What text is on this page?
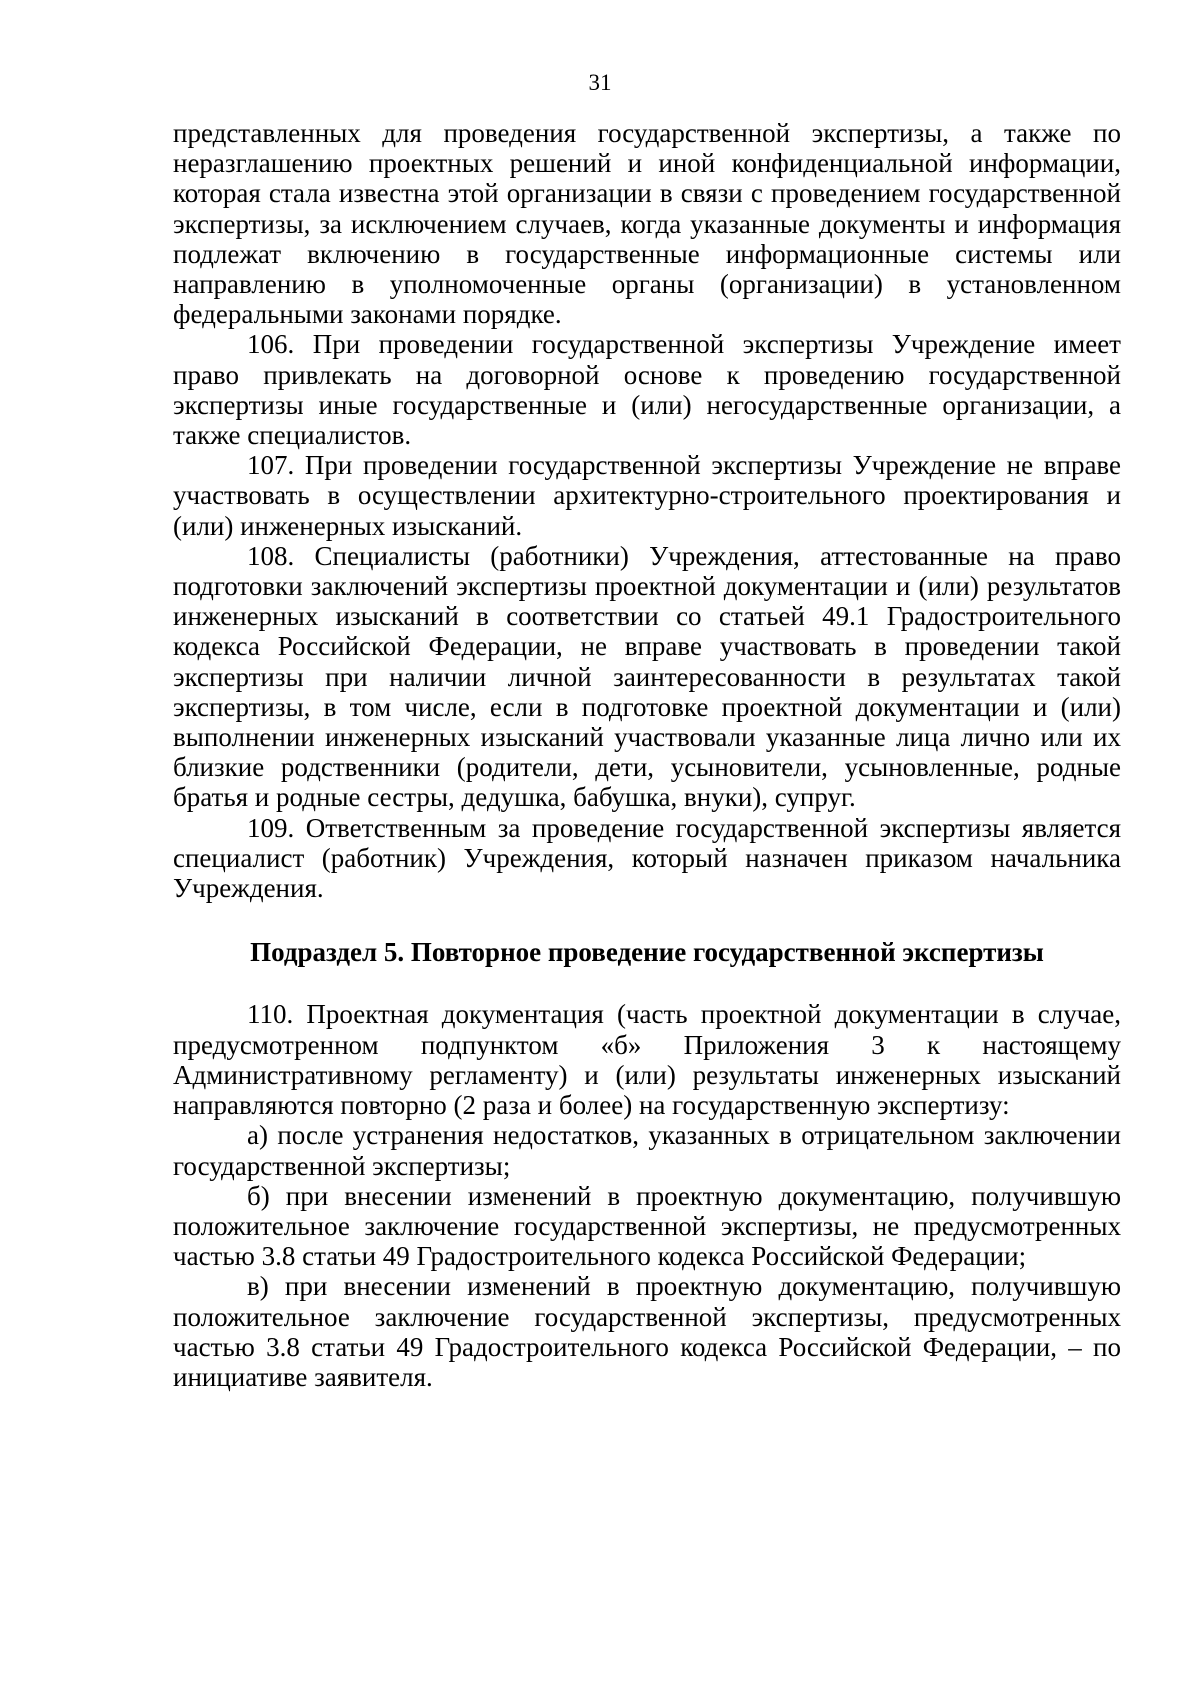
31

представленных для проведения государственной экспертизы, а также по неразглашению проектных решений и иной конфиденциальной информации, которая стала известна этой организации в связи с проведением государственной экспертизы, за исключением случаев, когда указанные документы и информация подлежат включению в государственные информационные системы или направлению в уполномоченные органы (организации) в установленном федеральными законами порядке.

106. При проведении государственной экспертизы Учреждение имеет право привлекать на договорной основе к проведению государственной экспертизы иные государственные и (или) негосударственные организации, а также специалистов.

107. При проведении государственной экспертизы Учреждение не вправе участвовать в осуществлении архитектурно-строительного проектирования и (или) инженерных изысканий.

108. Специалисты (работники) Учреждения, аттестованные на право подготовки заключений экспертизы проектной документации и (или) результатов инженерных изысканий в соответствии со статьей 49.1 Градостроительного кодекса Российской Федерации, не вправе участвовать в проведении такой экспертизы при наличии личной заинтересованности в результатах такой экспертизы, в том числе, если в подготовке проектной документации и (или) выполнении инженерных изысканий участвовали указанные лица лично или их близкие родственники (родители, дети, усыновители, усыновленные, родные братья и родные сестры, дедушка, бабушка, внуки), супруг.

109. Ответственным за проведение государственной экспертизы является специалист (работник) Учреждения, который назначен приказом начальника Учреждения.

Подраздел 5. Повторное проведение государственной экспертизы

110. Проектная документация (часть проектной документации в случае, предусмотренном подпунктом «б» Приложения 3 к настоящему Административному регламенту) и (или) результаты инженерных изысканий направляются повторно (2 раза и более) на государственную экспертизу:

а) после устранения недостатков, указанных в отрицательном заключении государственной экспертизы;

б) при внесении изменений в проектную документацию, получившую положительное заключение государственной экспертизы, не предусмотренных частью 3.8 статьи 49 Градостроительного кодекса Российской Федерации;

в) при внесении изменений в проектную документацию, получившую положительное заключение государственной экспертизы, предусмотренных частью 3.8 статьи 49 Градостроительного кодекса Российской Федерации, – по инициативе заявителя.
